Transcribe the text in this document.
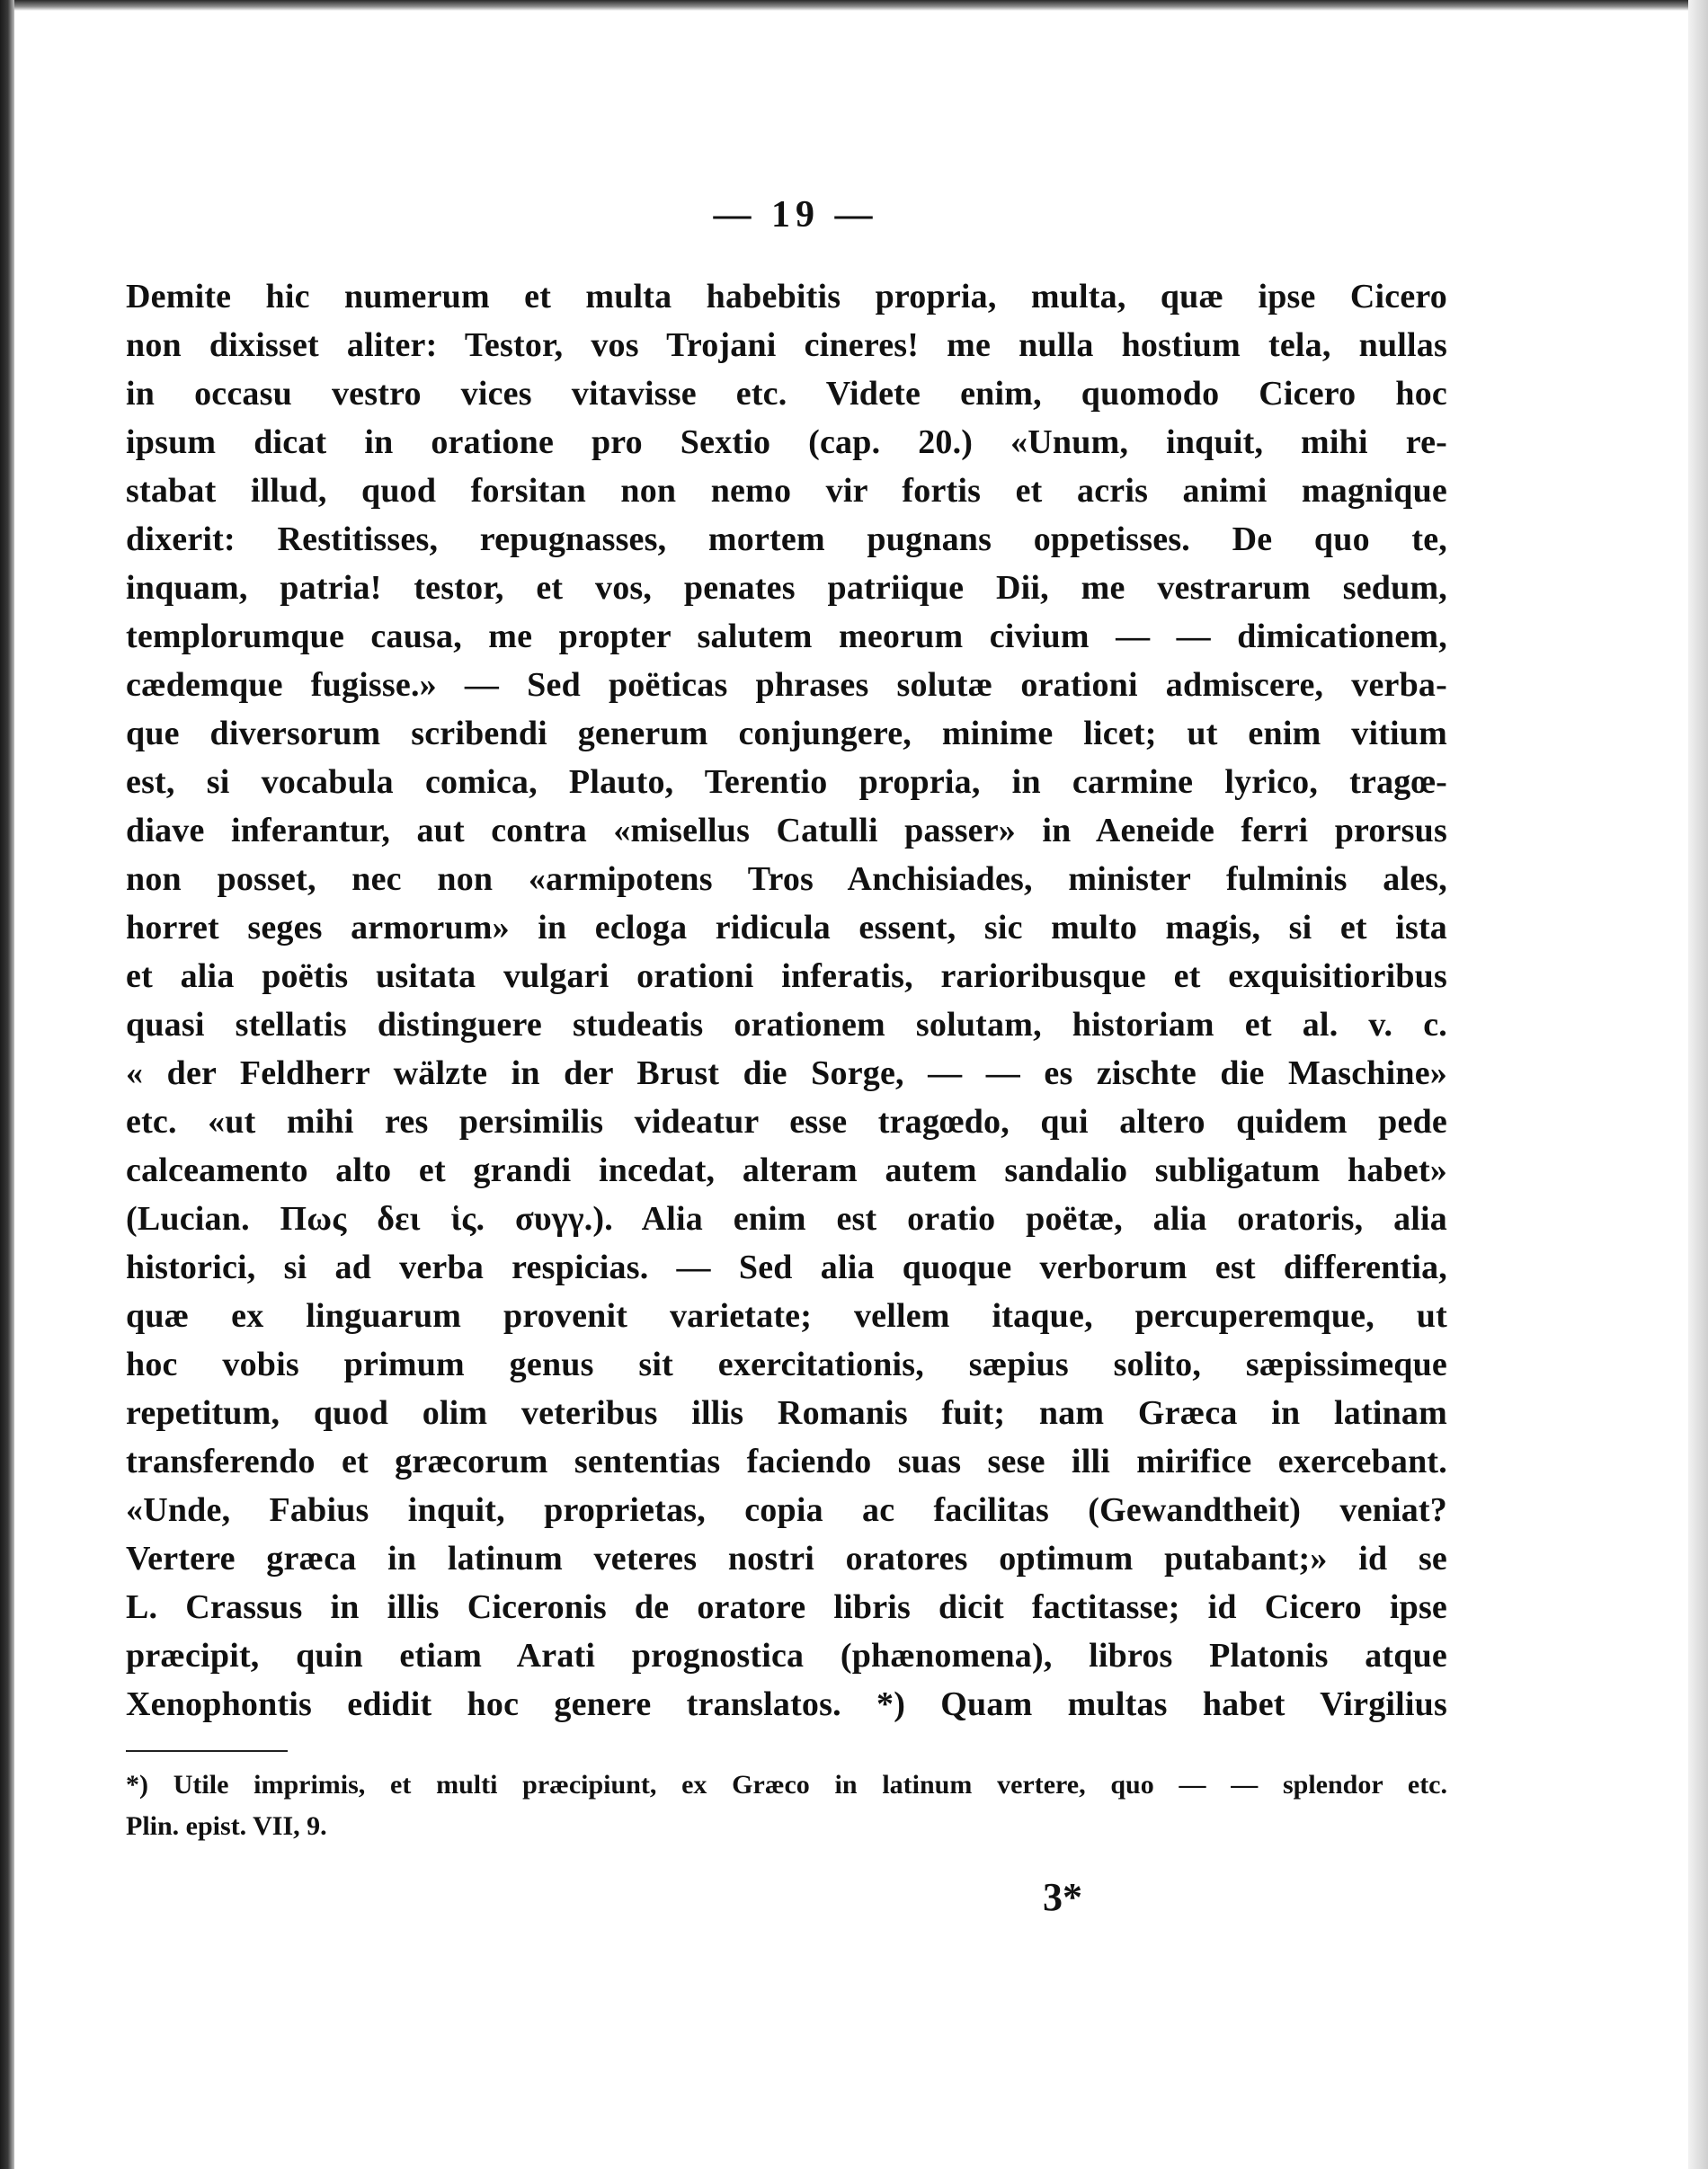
— 19 —
Demite hic numerum et multa habebitis propria, multa, quæ ipse Cicero
non dixisset aliter: Testor, vos Trojani cineres! me nulla hostium tela, nullas
in occasu vestro vices vitavisse etc. Videte enim, quomodo Cicero hoc
ipsum dicat in oratione pro Sextio (cap. 20.) «Unum, inquit, mihi re-
stabat illud, quod forsitan non nemo vir fortis et acris animi magnique
dixerit: Restitisses, repugnasses, mortem pugnans oppetisses. De quo te,
inquam, patria! testor, et vos, penates patriique Dii, me vestrarum sedum,
templorumque causa, me propter salutem meorum civium — — dimicationem,
cædemque fugisse.» — Sed poëticas phrases solutæ orationi admiscere, verba-
que diversorum scribendi generum conjungere, minime licet; ut enim vitium
est, si vocabula comica, Plauto, Terentio propria, in carmine lyrico, tragœ-
diave inferantur, aut contra «misellus Catulli passer» in Aeneide ferri prorsus
non posset, nec non «armipotens Tros Anchisiades, minister fulminis ales,
horret seges armorum» in ecloga ridicula essent, sic multo magis, si et ista
et alia poëtis usitata vulgari orationi inferatis, rarioribusque et exquisitioribus
quasi stellatis distinguere studeatis orationem solutam, historiam et al. v. c.
« der Feldherr wälzte in der Brust die Sorge, — — es zischte die Maschine»
etc. «ut mihi res persimilis videatur esse tragœdo, qui altero quidem pede
calceamento alto et grandi incedat, alteram autem sandalio subligatum habet»
(Lucian. Πως δει ἱς. συγγ.). Alia enim est oratio poëtæ, alia oratoris, alia
historici, si ad verba respicias. — Sed alia quoque verborum est differentia,
quæ ex linguarum provenit varietate; vellem itaque, percuperemque, ut
hoc vobis primum genus sit exercitationis, sæpius solito, sæpissimeque
repetitum, quod olim veteribus illis Romanis fuit; nam Græca in latinam
transferendo et græcorum sententias faciendo suas sese illi mirifice exercebant.
«Unde, Fabius inquit, proprietas, copia ac facilitas (Gewandtheit) veniat?
Vertere græca in latinum veteres nostri oratores optimum putabant;» id se
L. Crassus in illis Ciceronis de oratore libris dicit factitasse; id Cicero ipse
præcipit, quin etiam Arati prognostica (phænomena), libros Platonis atque
Xenophontis edidit hoc genere translatos. *) Quam multas habet Virgilius
*) Utile imprimis, et multi præcipiunt, ex Græco in latinum vertere, quo — — splendor etc.
Plin. epist. VII, 9.
3*
